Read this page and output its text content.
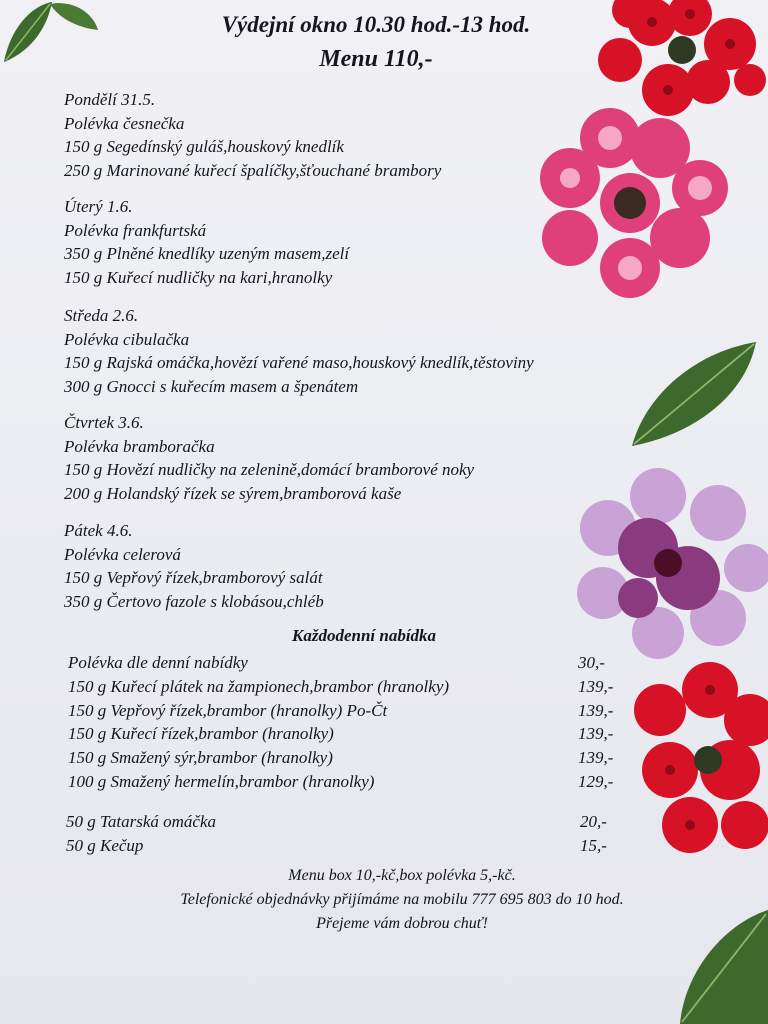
Výdejní okno 10.30 hod.-13 hod.
Menu 110,-
Pondělí 31.5.
Polévka česnečka
150 g Segedínský guláš,houskový knedlík
250 g Marinované kuřecí špalíčky,šťouchané brambory
Úterý 1.6.
Polévka frankfurtská
350 g Plněné knedlíky uzeným masem,zelí
150 g Kuřecí nudličky na kari,hranolky
Středa 2.6.
Polévka cibulačka
150 g Rajská omáčka,hovězí vařené maso,houskový knedlík,těstoviny
300 g Gnocci s kuřecím masem a špenátem
Čtvrtek 3.6.
Polévka bramboračka
150 g Hovězí nudličky na zelenině,domácí bramborové noky
200 g Holandský řízek se sýrem,bramborová kaše
Pátek 4.6.
Polévka celerová
150 g Vepřový řízek,bramborový salát
350 g Čertovo fazole s klobásou,chléb
Každodenní nabídka
Polévka dle denní nabídky	30,-
150 g Kuřecí plátek na žampionech,brambor (hranolky)	139,-
150 g Vepřový řízek,brambor (hranolky) Po-Čt	139,-
150 g Kuřecí řízek,brambor (hranolky)	139,-
150 g Smažený sýr,brambor (hranolky)	139,-
100 g Smažený hermelín,brambor (hranolky)	129,-
50 g Tatarská omáčka	20,-
50 g Kečup	15,-
Menu box 10,-kč,box polévka 5,-kč.
Telefonické objednávky přijímáme na mobilu 777 695 803 do 10 hod.
Přejeme vám dobrou chuť!
